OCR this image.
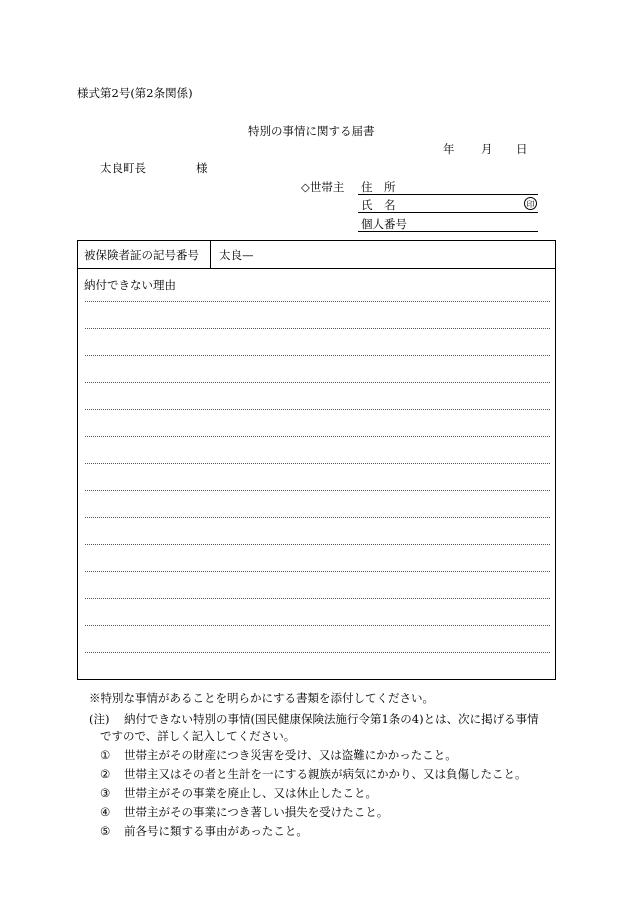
様式第2号(第2条関係)
特別の事情に関する届書
年 月 日
太良町長	様
◇世帯主 住　所
氏　名	印
個人番号
被保険者証の記号番号 太良—
納付できない理由
※特別な事情があることを明らかにする書類を添付してください。
(注) 納付できない特別の事情(国民健康保険法施行令第1条の4)とは、次に掲げる事情
ですので、詳しく記入してください。
① 世帯主がその財産につき災害を受け、又は盗難にかかったこと。
② 世帯主又はその者と生計を一にする親族が病気にかかり、又は負傷したこと。
③ 世帯主がその事業を廃止し、又は休止したこと。
④ 世帯主がその事業につき著しい損失を受けたこと。
⑤ 前各号に類する事由があったこと。
